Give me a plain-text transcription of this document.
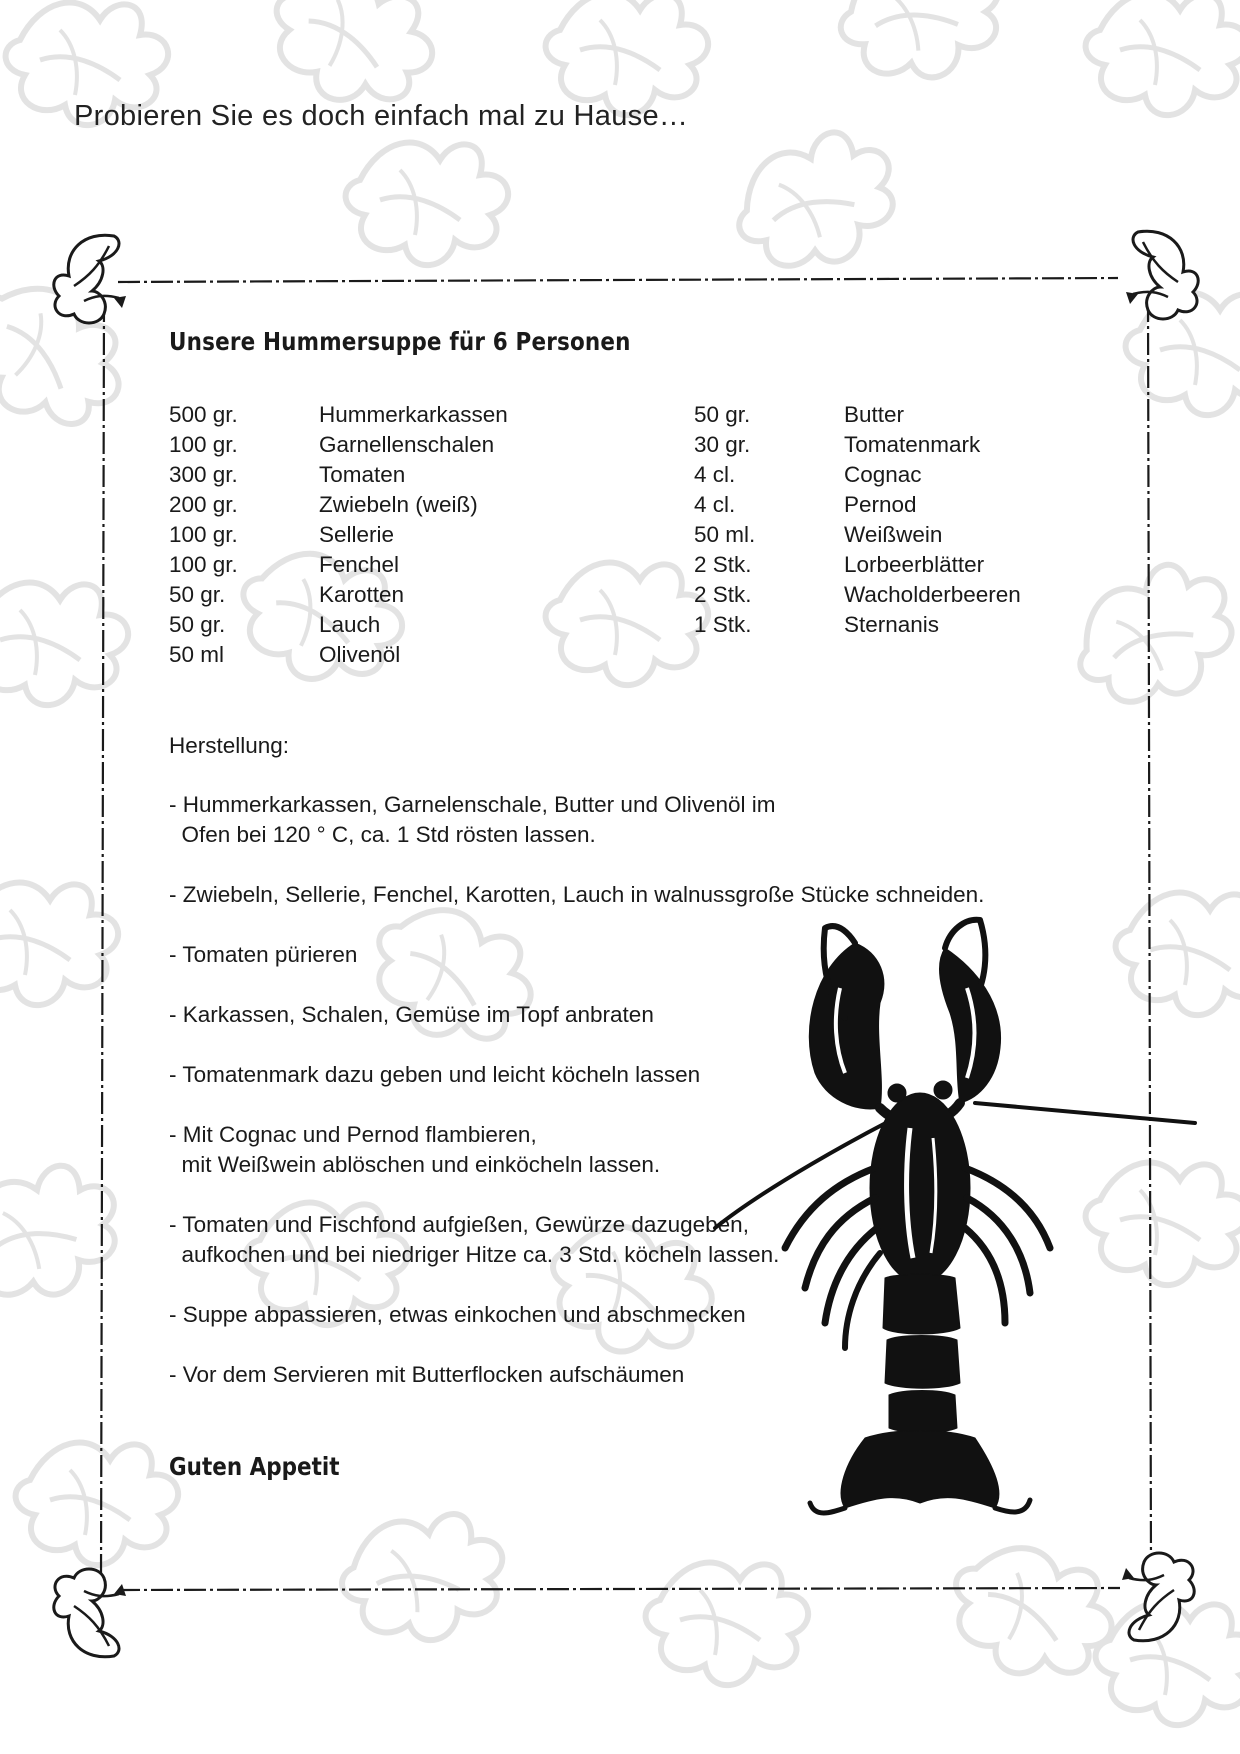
Probieren Sie es doch einfach mal zu Hause…
Unsere Hummersuppe für 6 Personen
500 gr.	Hummerkarkassen
100 gr.	Garnellenschalen
300 gr.	Tomaten
200 gr.	Zwiebeln (weiß)
100 gr.	Sellerie
100 gr.	Fenchel
50 gr.	Karotten
50 gr.	Lauch
50 ml	Olivenöl
50 gr.	Butter
30 gr.	Tomatenmark
4 cl.	Cognac
4 cl.	Pernod
50 ml.	Weißwein
2 Stk.	Lorbeerblätter
2 Stk.	Wacholderbeeren
1 Stk.	Sternanis
Herstellung:
- Hummerkarkassen, Garnelenschale, Butter und Olivenöl im
Ofen bei 120 ° C, ca. 1 Std rösten lassen.
- Zwiebeln, Sellerie, Fenchel, Karotten, Lauch in walnussgroße Stücke schneiden.
- Tomaten pürieren
- Karkassen, Schalen, Gemüse im Topf anbraten
- Tomatenmark dazu geben und leicht köcheln lassen
- Mit Cognac und Pernod flambieren,
mit Weißwein ablöschen und einköcheln lassen.
- Tomaten und Fischfond aufgießen, Gewürze dazugeben,
aufkochen und bei niedriger Hitze ca. 3 Std. köcheln lassen.
- Suppe abpassieren, etwas einkochen und abschmecken
- Vor dem Servieren mit Butterflocken aufschäumen
Guten Appetit
